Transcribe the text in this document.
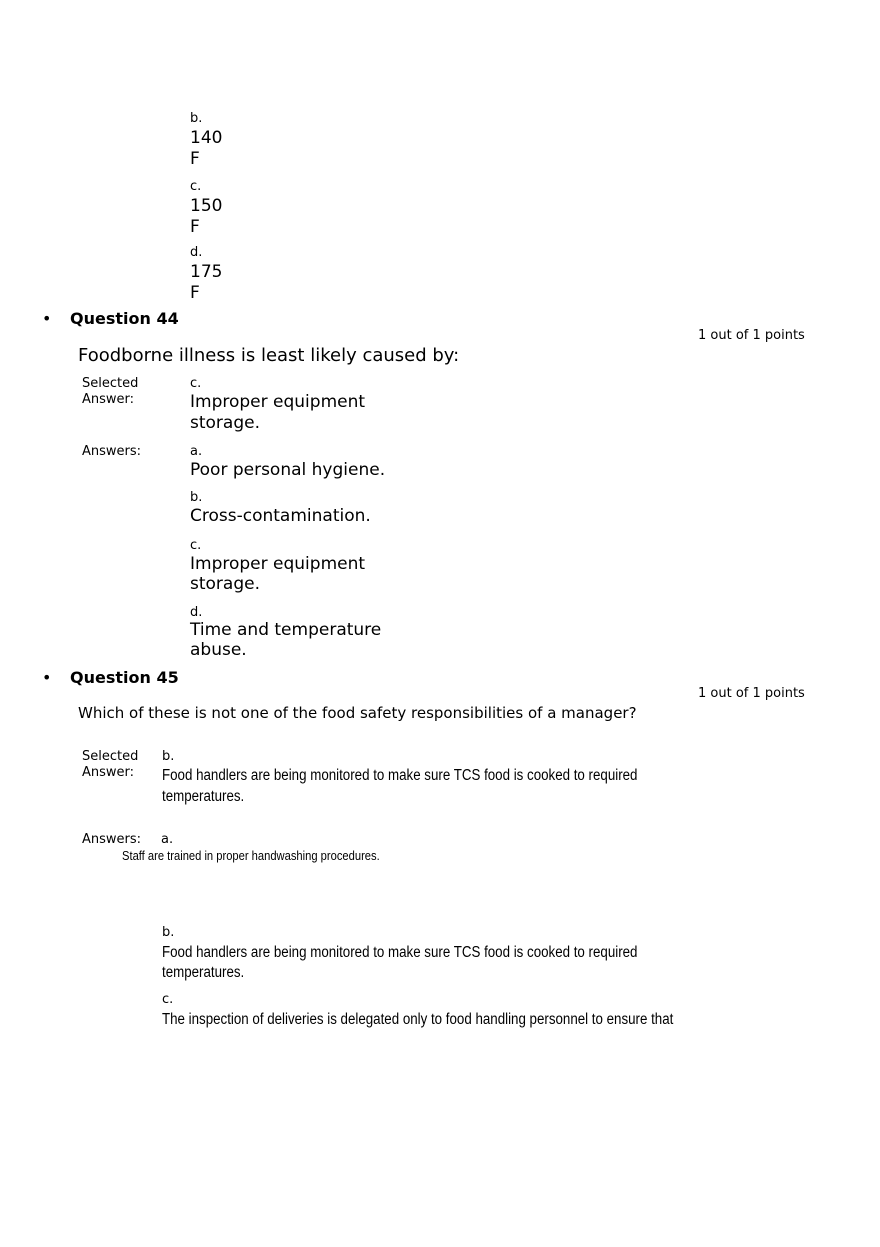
b.
140
F
c.
150
F
d.
175
F
• Question 44
1 out of 1 points
Foodborne illness is least likely caused by:
Selected
Answer:
c.
Improper equipment
storage.
Answers:	a.
Poor personal hygiene.
b.
Cross-contamination.
c.
Improper equipment
storage.
d.
Time and temperature
abuse.
• Question 45
1 out of 1 points
Which of these is not one of the food safety responsibilities of a manager?
Selected
Answer:
b.
Food handlers are being monitored to make sure TCS food is cooked to required
temperatures.
Answers: a.
Staff are trained in proper handwashing procedures.
b.
Food handlers are being monitored to make sure TCS food is cooked to required
temperatures.
c.
The inspection of deliveries is delegated only to food handling personnel to ensure that
